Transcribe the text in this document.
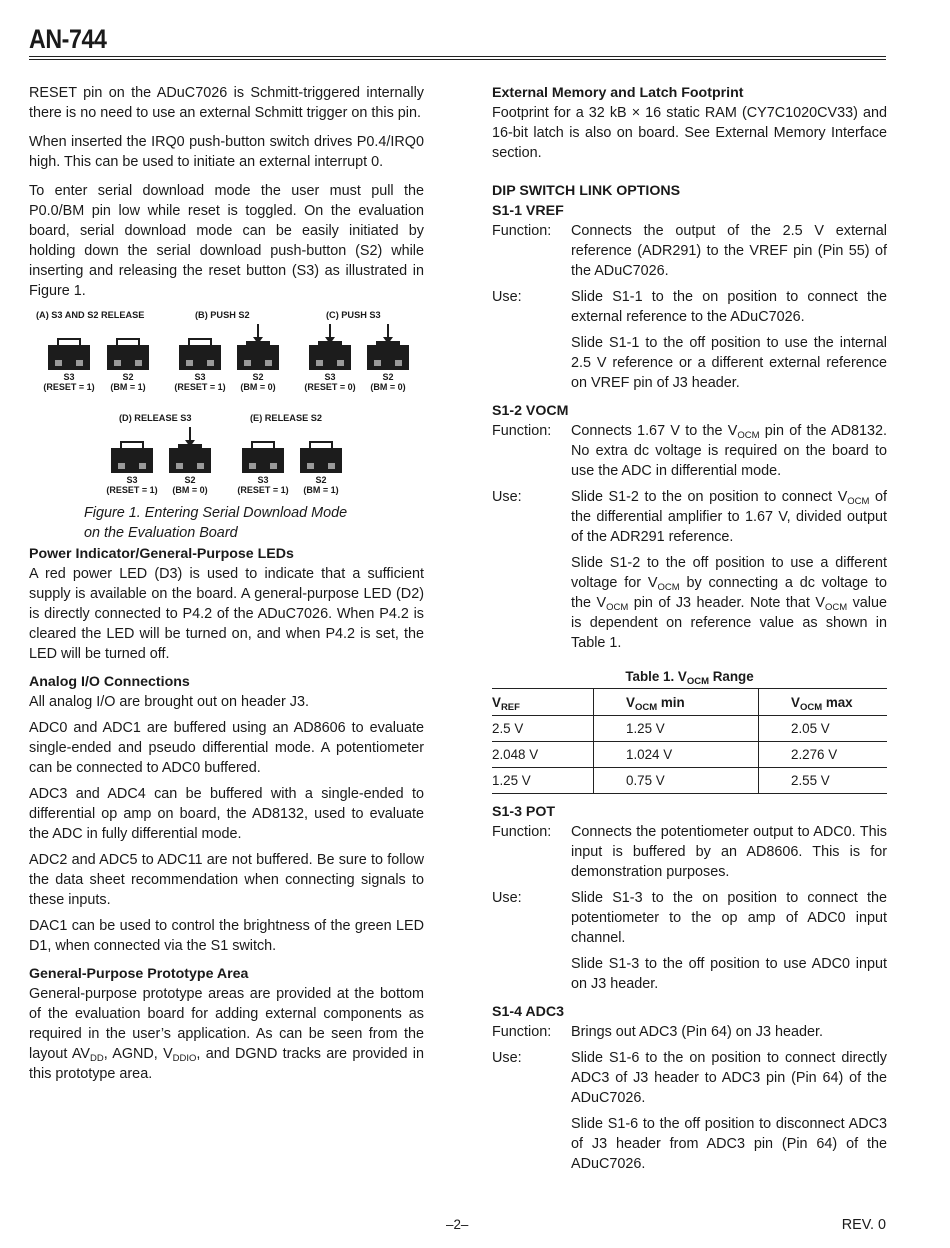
AN-744

RESET pin on the ADuC7026 is Schmitt-triggered internally there is no need to use an external Schmitt trigger on this pin.

When inserted the IRQ0 push-button switch drives P0.4/IRQ0 high. This can be used to initiate an external interrupt 0.

To enter serial download mode the user must pull the P0.0/BM pin low while reset is toggled. On the evaluation board, serial download mode can be easily initiated by holding down the serial download push-button (S2) while inserting and releasing the reset button (S3) as illustrated in Figure 1.

(A) S3 AND S2 RELEASE	(B) PUSH S2	(C) PUSH S3
S3
(RESET = 1)
S2
(BM = 1)
S3
(RESET = 1)
S2
(BM = 0)
S3
(RESET = 0)
S2
(BM = 0)
(D) RELEASE S3	(E) RELEASE S2
S3
(RESET = 1)
S2
(BM = 0)
S3
(RESET = 1)
S2
(BM = 1)
Figure 1. Entering Serial Download Mode
on the Evaluation Board
Power Indicator/General-Purpose LEDs

A red power LED (D3) is used to indicate that a sufficient supply is available on the board. A general-purpose LED (D2) is directly connected to P4.2 of the ADuC7026. When P4.2 is cleared the LED will be turned on, and when P4.2 is set, the LED will be turned off.

Analog I/O Connections

All analog I/O are brought out on header J3.

ADC0 and ADC1 are buffered using an AD8606 to evaluate single-ended and pseudo differential mode. A potentiometer can be connected to ADC0 buffered.

ADC3 and ADC4 can be buffered with a single-ended to differential op amp on board, the AD8132, used to evaluate the ADC in fully differential mode.

ADC2 and ADC5 to ADC11 are not buffered. Be sure to follow the data sheet recommendation when connecting signals to these inputs.

DAC1 can be used to control the brightness of the green LED D1, when connected via the S1 switch.

General-Purpose Prototype Area

General-purpose prototype areas are provided at the bottom of the evaluation board for adding external components as required in the user’s application. As can be seen from the layout $AV_{DD}$, AGND, $V_{DDIO}$, and DGND tracks are provided in this prototype area.

External Memory and Latch Footprint

Footprint for a 32 kB × 16 static RAM (CY7C1020CV33) and 16-bit latch is also on board. See External Memory Interface section.

DIP SWITCH LINK OPTIONS
S1-1 VREF
Function:	Connects the output of the 2.5 V external reference (ADR291) to the VREF pin (Pin 55) of the ADuC7026.
Use:	Slide S1-1 to the on position to connect the external reference to the ADuC7026.
Slide S1-1 to the off position to use the internal 2.5 V reference or a different external reference on VREF pin of J3 header.
S1-2 VOCM
Function:	Connects 1.67 V to the $V_{OCM}$ pin of the AD8132. No extra dc voltage is required on the board to use the ADC in differential mode.
Use:	Slide S1-2 to the on position to connect $V_{OCM}$ of the differential amplifier to 1.67 V, divided output of the ADR291 reference.
Slide S1-2 to the off position to use a different voltage for $V_{OCM}$ by connecting a dc voltage to the $V_{OCM}$ pin of J3 header. Note that $V_{OCM}$ value is dependent on reference value as shown in Table 1.
Table 1. $V_{OCM}$ Range
$V_{REF}$	$V_{OCM}$ min	$V_{OCM}$ max
2.5 V	1.25 V	2.05 V
2.048 V	1.024 V	2.276 V
1.25 V	0.75 V	2.55 V
S1-3 POT
Function:	Connects the potentiometer output to ADC0. This input is buffered by an AD8606. This is for demonstration purposes.
Use:	Slide S1-3 to the on position to connect the potentiometer to the op amp of ADC0 input channel.
Slide S1-3 to the off position to use ADC0 input on J3 header.
S1-4 ADC3
Function:	Brings out ADC3 (Pin 64) on J3 header.
Use:	Slide S1-6 to the on position to connect directly ADC3 of J3 header to ADC3 pin (Pin 64) of the ADuC7026.
Slide S1-6 to the off position to disconnect ADC3 of J3 header from ADC3 pin (Pin 64) of the ADuC7026.
–2–	REV. 0
